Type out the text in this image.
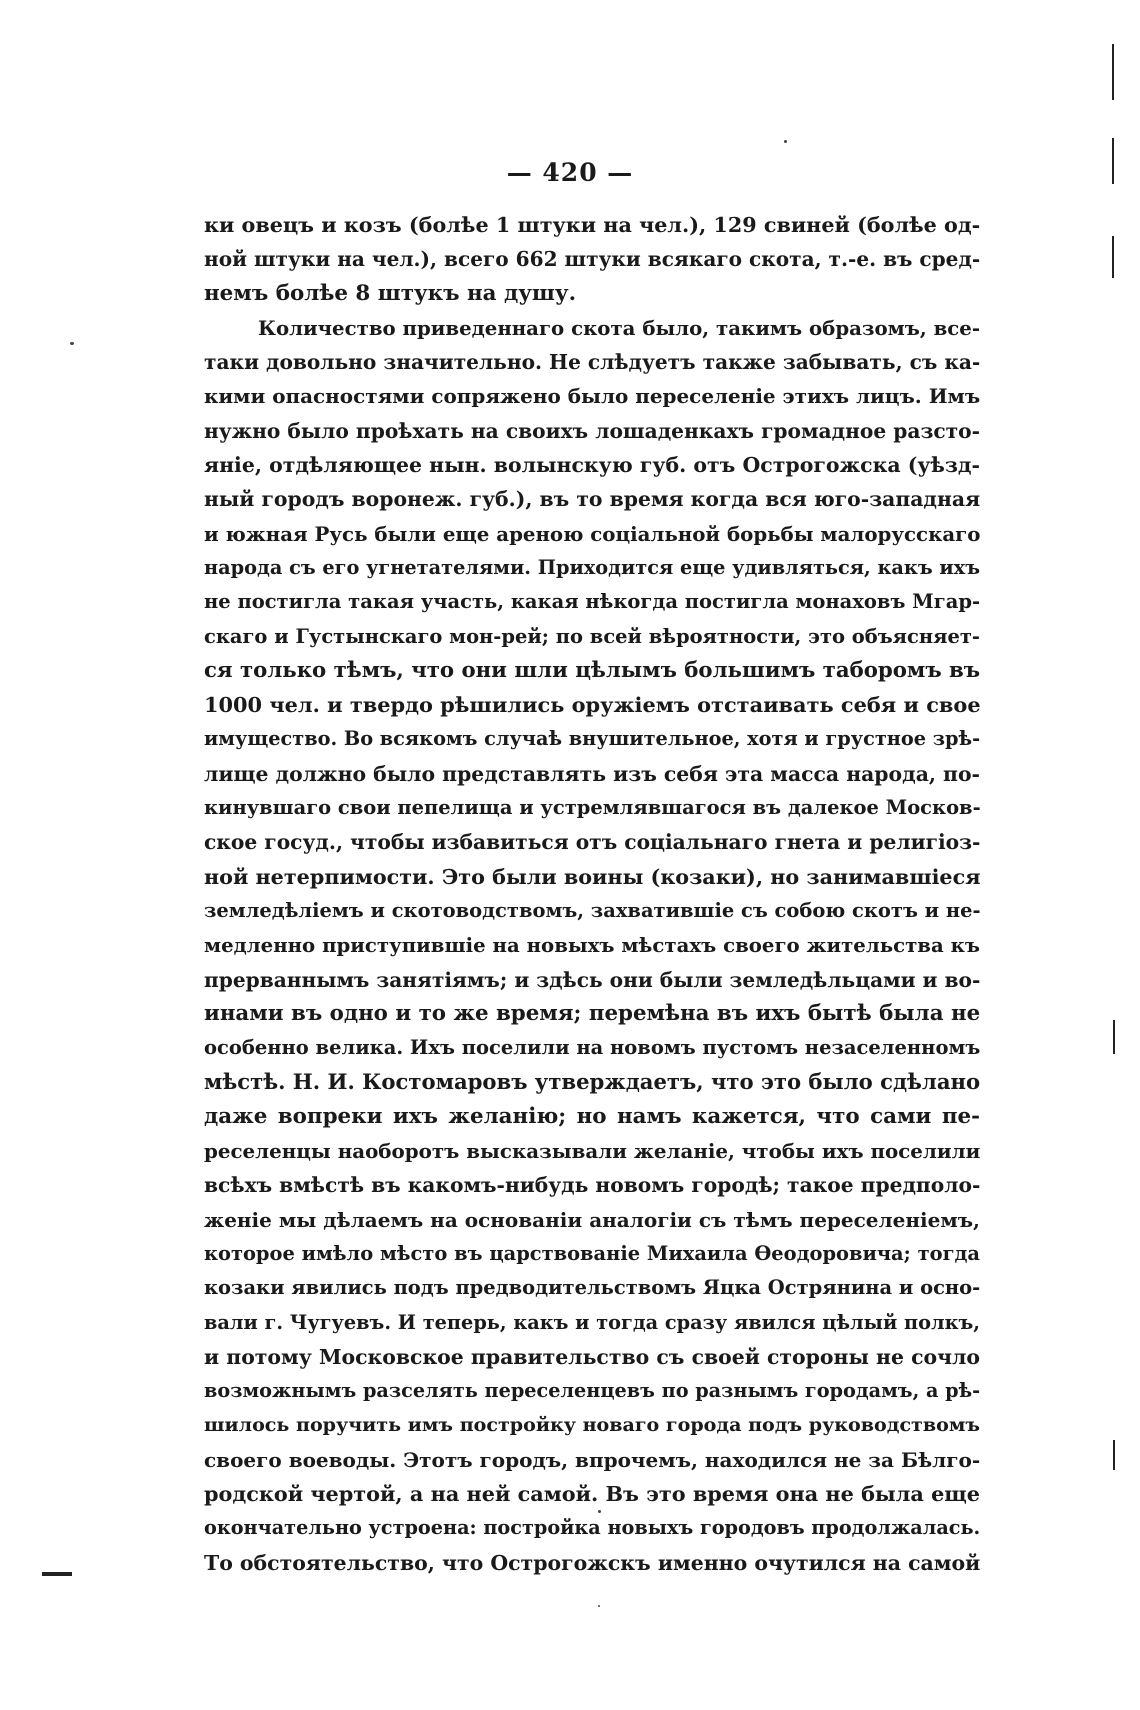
— 420 —
ки овецъ и козъ (болѣе 1 штуки на чел.), 129 свиней (болѣе од-
ной штуки на чел.), всего 662 штуки всякаго скота, т.-е. въ сред-
немъ болѣе 8 штукъ на душу.
Количество приведеннаго скота было, такимъ образомъ, все-
таки довольно значительно. Не слѣдуетъ также забывать, съ ка-
кими опасностями сопряжено было переселеніе этихъ лицъ. Имъ
нужно было проѣхать на своихъ лошаденкахъ громадное разсто-
яніе, отдѣляющее нын. волынскую губ. отъ Острогожска (уѣзд-
ный городъ воронеж. губ.), въ то время когда вся юго-западная
и южная Русь были еще ареною соціальной борьбы малорусскаго
народа съ его угнетателями. Приходится еще удивляться, какъ ихъ
не постигла такая участь, какая нѣкогда постигла монаховъ Мгар-
скаго и Густынскаго мон-рей; по всей вѣроятности, это объясняет-
ся только тѣмъ, что они шли цѣлымъ большимъ таборомъ въ
1000 чел. и твердо рѣшились оружіемъ отстаивать себя и свое
имущество. Во всякомъ случаѣ внушительное, хотя и грустное зрѣ-
лище должно было представлять изъ себя эта масса народа, по-
кинувшаго свои пепелища и устремлявшагося въ далекое Москов-
ское госуд., чтобы избавиться отъ соціальнаго гнета и религіоз-
ной нетерпимости. Это были воины (козаки), но занимавшіеся
земледѣліемъ и скотоводствомъ, захватившіе съ собою скотъ и не-
медленно приступившіе на новыхъ мѣстахъ своего жительства къ
прерваннымъ занятіямъ; и здѣсь они были земледѣльцами и во-
инами въ одно и то же время; перемѣна въ ихъ бытѣ была не
особенно велика. Ихъ поселили на новомъ пустомъ незаселенномъ
мѣстѣ. Н. И. Костомаровъ утверждаетъ, что это было сдѣлано
даже вопреки ихъ желанію; но намъ кажется, что сами пе-
реселенцы наоборотъ высказывали желаніе, чтобы ихъ поселили
всѣхъ вмѣстѣ въ какомъ-нибудь новомъ городѣ; такое предполо-
женіе мы дѣлаемъ на основаніи аналогіи съ тѣмъ переселеніемъ,
которое имѣло мѣсто въ царствованіе Михаила Ѳеодоровича; тогда
козаки явились подъ предводительствомъ Яцка Острянина и осно-
вали г. Чугуевъ. И теперь, какъ и тогда сразу явился цѣлый полкъ,
и потому Московское правительство съ своей стороны не сочло
возможнымъ разселять переселенцевъ по разнымъ городамъ, а рѣ-
шилось поручить имъ постройку новаго города подъ руководствомъ
своего воеводы. Этотъ городъ, впрочемъ, находился не за Бѣлго-
родской чертой, а на ней самой. Въ это время она не была еще
окончательно устроена: постройка новыхъ городовъ продолжалась.
То обстоятельство, что Острогожскъ именно очутился на самой
